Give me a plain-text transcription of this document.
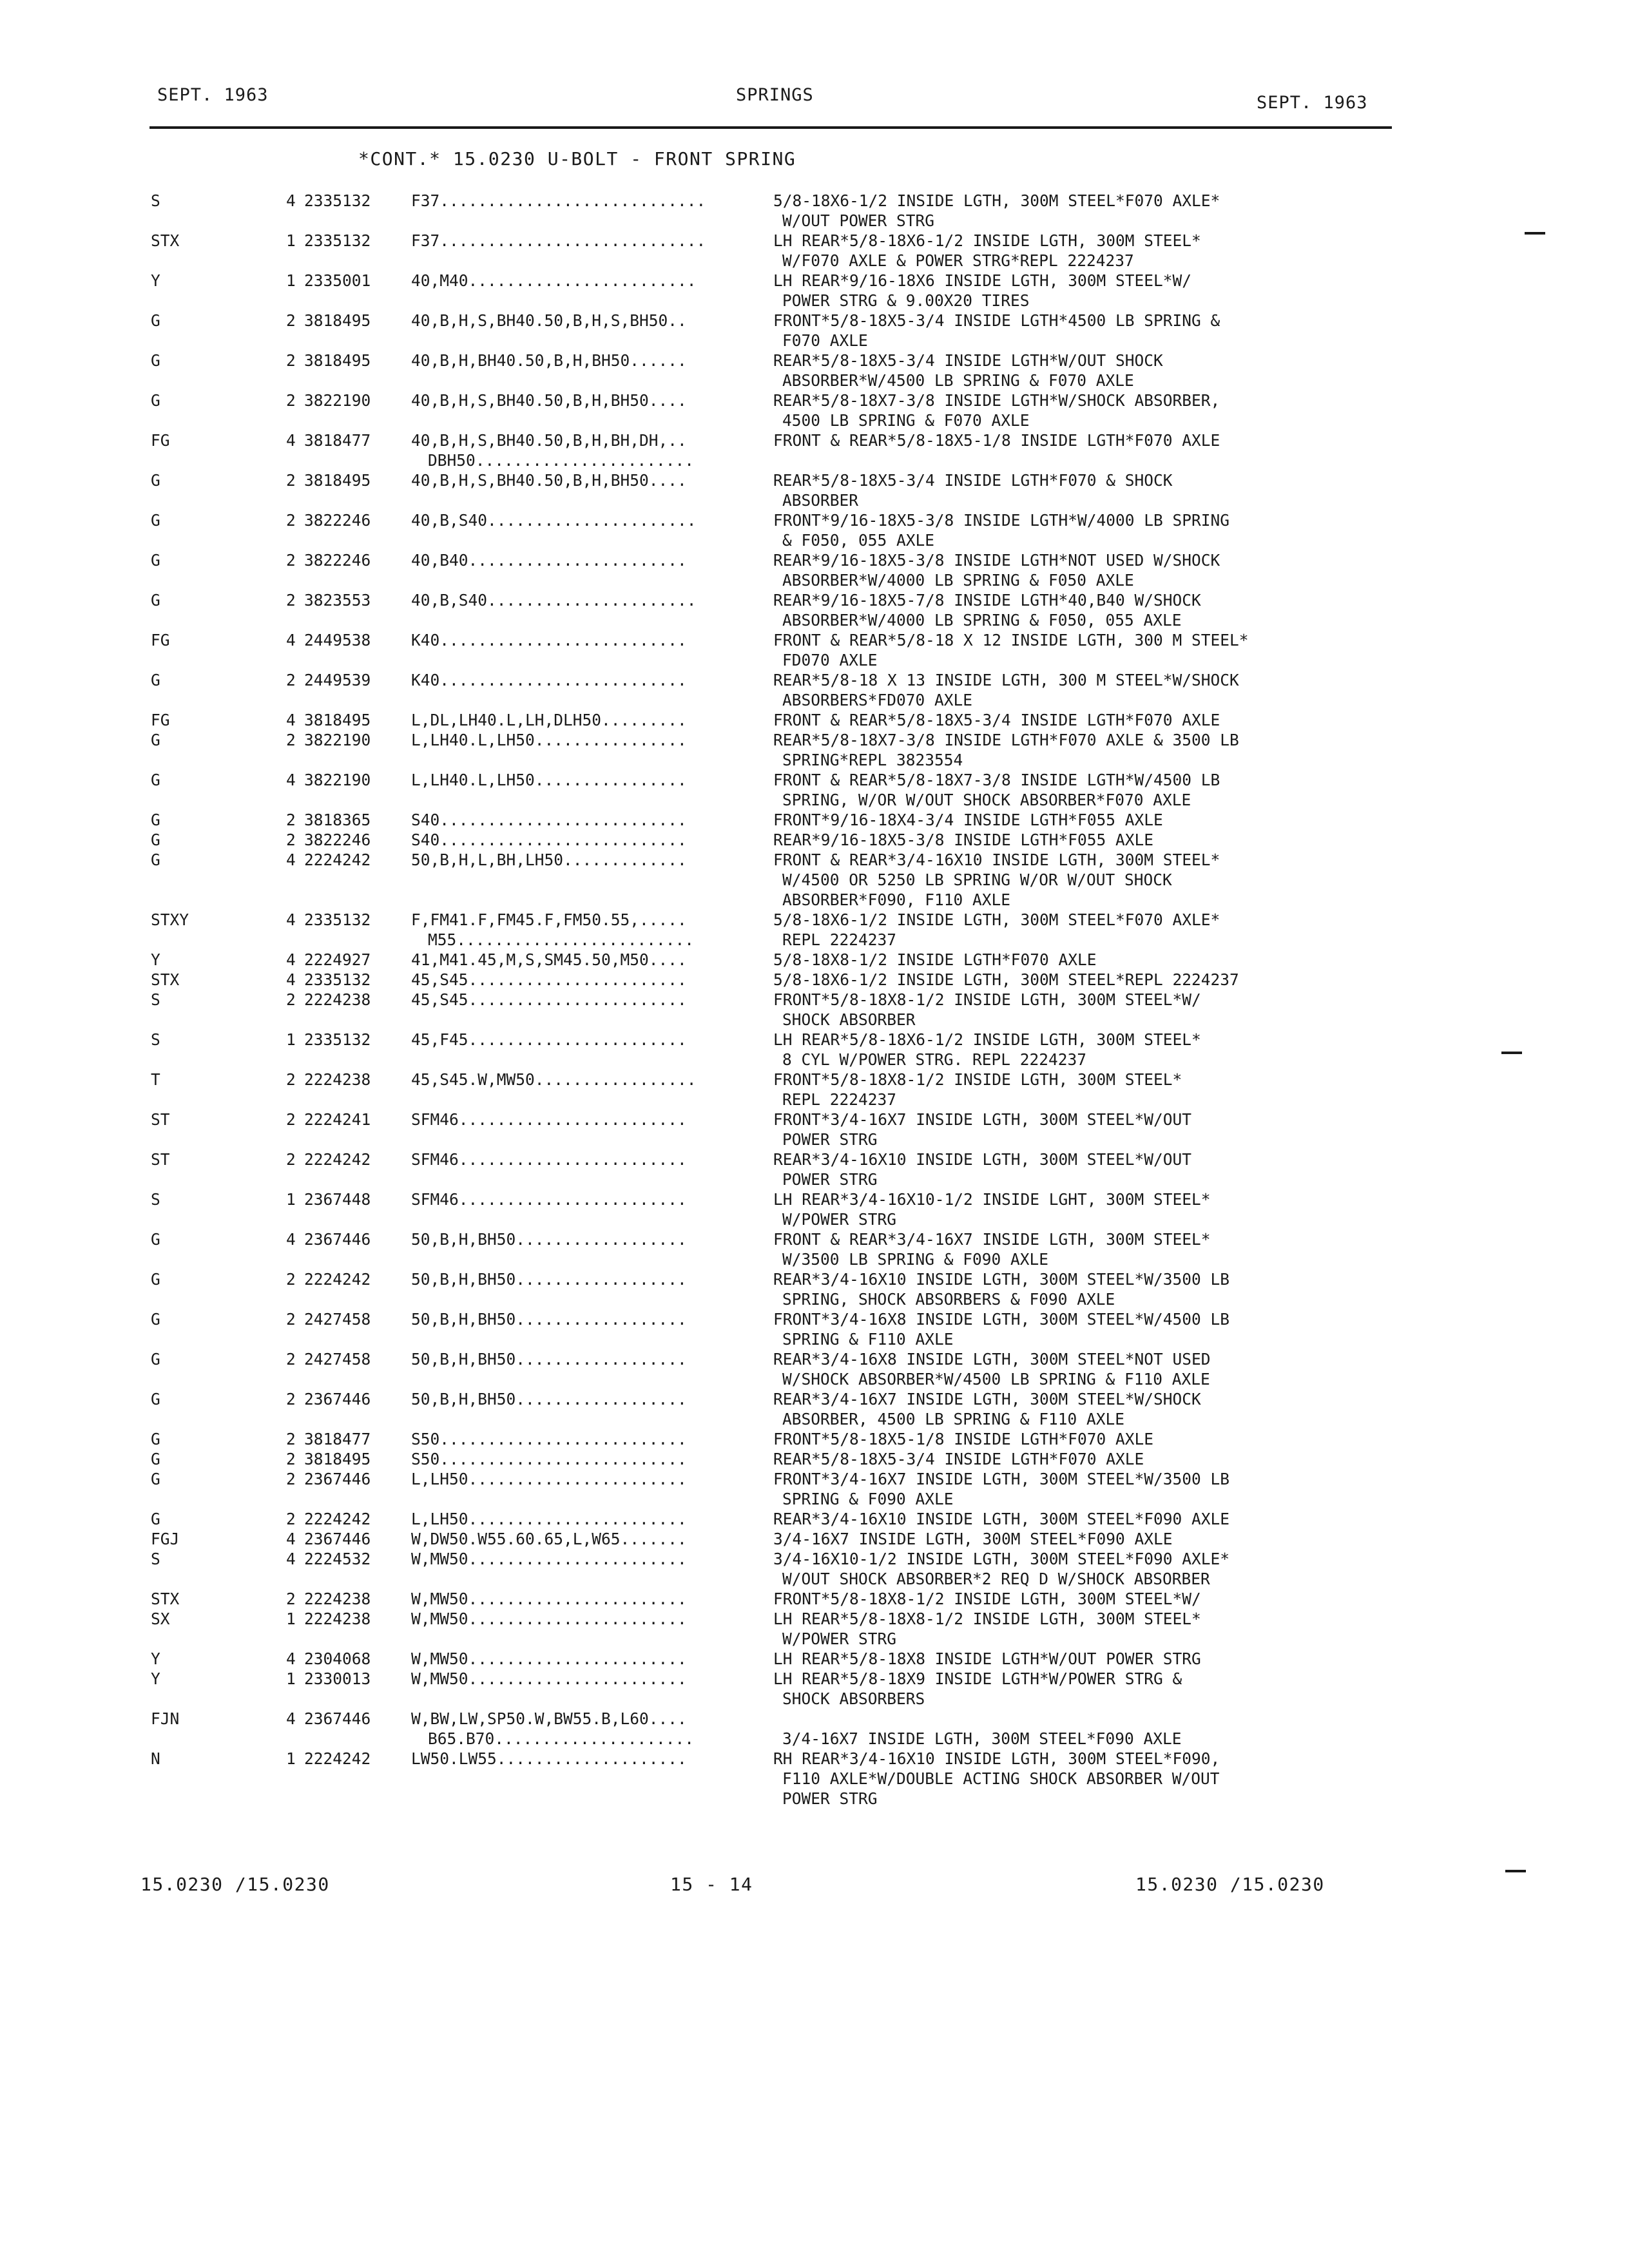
SEPT. 1963	SPRINGS	SEPT. 1963
*CONT.* 15.0230 U-BOLT - FRONT SPRING
S	4 2335132	F37............................	5/8-18X6-1/2 INSIDE LGTH, 300M STEEL*F070 AXLE*
W/OUT POWER STRG
STX	1 2335132	F37............................	LH REAR*5/8-18X6-1/2 INSIDE LGTH, 300M STEEL*
W/F070 AXLE & POWER STRG*REPL 2224237
Y	1 2335001	40,M40........................	LH REAR*9/16-18X6 INSIDE LGTH, 300M STEEL*W/
POWER STRG & 9.00X20 TIRES
G	2 3818495	40,B,H,S,BH40.50,B,H,S,BH50..	FRONT*5/8-18X5-3/4 INSIDE LGTH*4500 LB SPRING &
F070 AXLE
G	2 3818495	40,B,H,BH40.50,B,H,BH50......	REAR*5/8-18X5-3/4 INSIDE LGTH*W/OUT SHOCK
ABSORBER*W/4500 LB SPRING & F070 AXLE
G	2 3822190	40,B,H,S,BH40.50,B,H,BH50....	REAR*5/8-18X7-3/8 INSIDE LGTH*W/SHOCK ABSORBER,
4500 LB SPRING & F070 AXLE
FG	4 3818477	40,B,H,S,BH40.50,B,H,BH,DH,..	FRONT & REAR*5/8-18X5-1/8 INSIDE LGTH*F070 AXLE
DBH50.......................
G	2 3818495	40,B,H,S,BH40.50,B,H,BH50....	REAR*5/8-18X5-3/4 INSIDE LGTH*F070 & SHOCK
ABSORBER
G	2 3822246	40,B,S40......................	FRONT*9/16-18X5-3/8 INSIDE LGTH*W/4000 LB SPRING
& F050, 055 AXLE
G	2 3822246	40,B40.......................	REAR*9/16-18X5-3/8 INSIDE LGTH*NOT USED W/SHOCK
ABSORBER*W/4000 LB SPRING & F050 AXLE
G	2 3823553	40,B,S40......................	REAR*9/16-18X5-7/8 INSIDE LGTH*40,B40 W/SHOCK
ABSORBER*W/4000 LB SPRING & F050, 055 AXLE
FG	4 2449538	K40..........................	FRONT & REAR*5/8-18 X 12 INSIDE LGTH, 300 M STEEL*
FD070 AXLE
G	2 2449539	K40..........................	REAR*5/8-18 X 13 INSIDE LGTH, 300 M STEEL*W/SHOCK
ABSORBERS*FD070 AXLE
FG	4 3818495	L,DL,LH40.L,LH,DLH50.........	FRONT & REAR*5/8-18X5-3/4 INSIDE LGTH*F070 AXLE
G	2 3822190	L,LH40.L,LH50................	REAR*5/8-18X7-3/8 INSIDE LGTH*F070 AXLE & 3500 LB
SPRING*REPL 3823554
G	4 3822190	L,LH40.L,LH50................	FRONT & REAR*5/8-18X7-3/8 INSIDE LGTH*W/4500 LB
SPRING, W/OR W/OUT SHOCK ABSORBER*F070 AXLE
G	2 3818365	S40..........................	FRONT*9/16-18X4-3/4 INSIDE LGTH*F055 AXLE
G	2 3822246	S40..........................	REAR*9/16-18X5-3/8 INSIDE LGTH*F055 AXLE
G	4 2224242	50,B,H,L,BH,LH50.............	FRONT & REAR*3/4-16X10 INSIDE LGTH, 300M STEEL*
W/4500 OR 5250 LB SPRING W/OR W/OUT SHOCK
ABSORBER*F090, F110 AXLE
STXY	4 2335132	F,FM41.F,FM45.F,FM50.55,.....	5/8-18X6-1/2 INSIDE LGTH, 300M STEEL*F070 AXLE*
M55.........................	REPL 2224237
Y	4 2224927	41,M41.45,M,S,SM45.50,M50....	5/8-18X8-1/2 INSIDE LGTH*F070 AXLE
STX	4 2335132	45,S45.......................	5/8-18X6-1/2 INSIDE LGTH, 300M STEEL*REPL 2224237
S	2 2224238	45,S45.......................	FRONT*5/8-18X8-1/2 INSIDE LGTH, 300M STEEL*W/
SHOCK ABSORBER
S	1 2335132	45,F45.......................	LH REAR*5/8-18X6-1/2 INSIDE LGTH, 300M STEEL*
8 CYL W/POWER STRG. REPL 2224237
T	2 2224238	45,S45.W,MW50.................	FRONT*5/8-18X8-1/2 INSIDE LGTH, 300M STEEL*
REPL 2224237
ST	2 2224241	SFM46........................	FRONT*3/4-16X7 INSIDE LGTH, 300M STEEL*W/OUT
POWER STRG
ST	2 2224242	SFM46........................	REAR*3/4-16X10 INSIDE LGTH, 300M STEEL*W/OUT
POWER STRG
S	1 2367448	SFM46........................	LH REAR*3/4-16X10-1/2 INSIDE LGHT, 300M STEEL*
W/POWER STRG
G	4 2367446	50,B,H,BH50..................	FRONT & REAR*3/4-16X7 INSIDE LGTH, 300M STEEL*
W/3500 LB SPRING & F090 AXLE
G	2 2224242	50,B,H,BH50..................	REAR*3/4-16X10 INSIDE LGTH, 300M STEEL*W/3500 LB
SPRING, SHOCK ABSORBERS & F090 AXLE
G	2 2427458	50,B,H,BH50..................	FRONT*3/4-16X8 INSIDE LGTH, 300M STEEL*W/4500 LB
SPRING & F110 AXLE
G	2 2427458	50,B,H,BH50..................	REAR*3/4-16X8 INSIDE LGTH, 300M STEEL*NOT USED
W/SHOCK ABSORBER*W/4500 LB SPRING & F110 AXLE
G	2 2367446	50,B,H,BH50..................	REAR*3/4-16X7 INSIDE LGTH, 300M STEEL*W/SHOCK
ABSORBER, 4500 LB SPRING & F110 AXLE
G	2 3818477	S50..........................	FRONT*5/8-18X5-1/8 INSIDE LGTH*F070 AXLE
G	2 3818495	S50..........................	REAR*5/8-18X5-3/4 INSIDE LGTH*F070 AXLE
G	2 2367446	L,LH50.......................	FRONT*3/4-16X7 INSIDE LGTH, 300M STEEL*W/3500 LB
SPRING & F090 AXLE
G	2 2224242	L,LH50.......................	REAR*3/4-16X10 INSIDE LGTH, 300M STEEL*F090 AXLE
FGJ	4 2367446	W,DW50.W55.60.65,L,W65.......	3/4-16X7 INSIDE LGTH, 300M STEEL*F090 AXLE
S	4 2224532	W,MW50.......................	3/4-16X10-1/2 INSIDE LGTH, 300M STEEL*F090 AXLE*
W/OUT SHOCK ABSORBER*2 REQ D W/SHOCK ABSORBER
STX	2 2224238	W,MW50.......................	FRONT*5/8-18X8-1/2 INSIDE LGTH, 300M STEEL*W/
SX	1 2224238	W,MW50.......................	LH REAR*5/8-18X8-1/2 INSIDE LGTH, 300M STEEL*
W/POWER STRG
Y	4 2304068	W,MW50.......................	LH REAR*5/8-18X8 INSIDE LGTH*W/OUT POWER STRG
Y	1 2330013	W,MW50.......................	LH REAR*5/8-18X9 INSIDE LGTH*W/POWER STRG &
SHOCK ABSORBERS
FJN	4 2367446	W,BW,LW,SP50.W,BW55.B,L60....
B65.B70.....................	3/4-16X7 INSIDE LGTH, 300M STEEL*F090 AXLE
N	1 2224242	LW50.LW55....................	RH REAR*3/4-16X10 INSIDE LGTH, 300M STEEL*F090,
F110 AXLE*W/DOUBLE ACTING SHOCK ABSORBER W/OUT
POWER STRG
15.0230 /15.0230	15 - 14	15.0230 /15.0230
